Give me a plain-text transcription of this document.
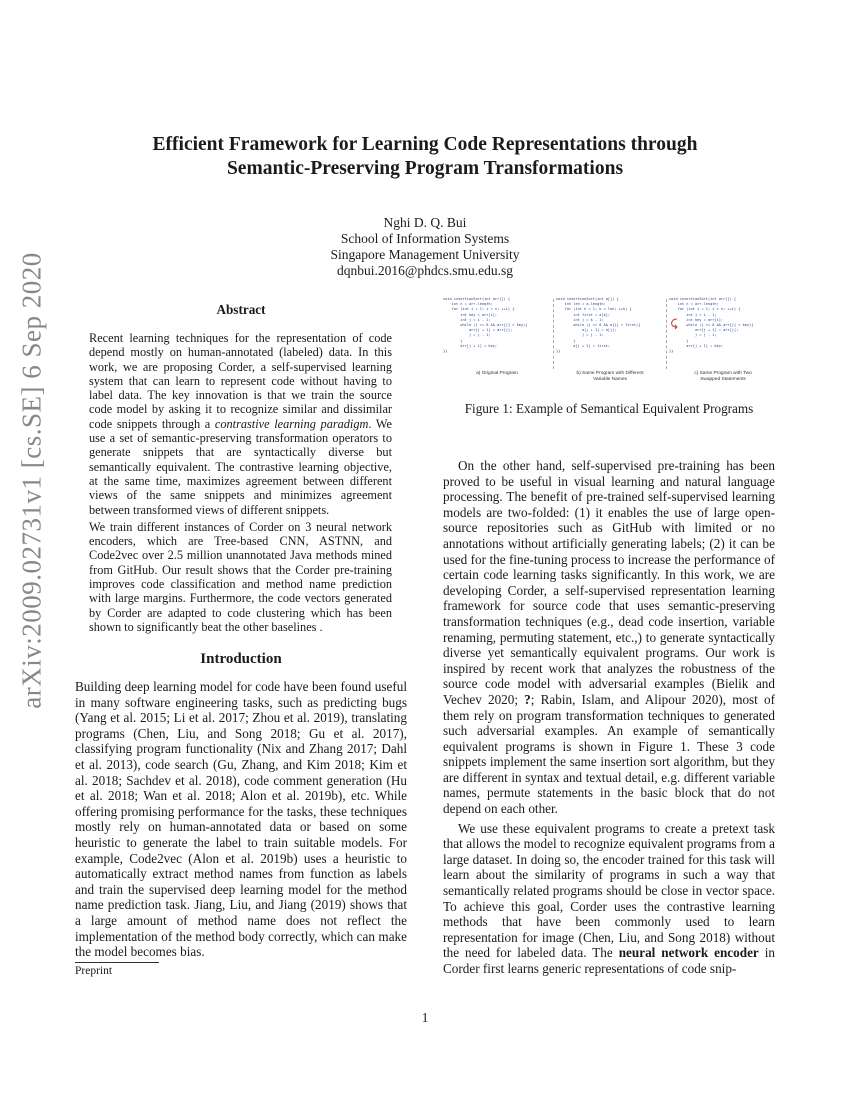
arXiv:2009.02731v1 [cs.SE] 6 Sep 2020
Efficient Framework for Learning Code Representations through
Semantic-Preserving Program Transformations
Nghi D. Q. Bui
School of Information Systems
Singapore Management University
dqnbui.2016@phdcs.smu.edu.sg
Abstract

Recent learning techniques for the representation of code depend mostly on human-annotated (labeled) data. In this work, we are proposing Corder, a self-supervised learning system that can learn to represent code without having to label data. The key innovation is that we train the source code model by asking it to recognize similar and dissimilar code snippets through a contrastive learning paradigm. We use a set of semantic-preserving transformation operators to generate snippets that are syntactically diverse but semantically equivalent. The contrastive learning objective, at the same time, maximizes agreement between different views of the same snippets and minimizes agreement between transformed views of different snippets.

We train different instances of Corder on 3 neural network encoders, which are Tree-based CNN, ASTNN, and Code2vec over 2.5 million unannotated Java methods mined from GitHub. Our result shows that the Corder pre-training improves code classification and method name prediction with large margins. Furthermore, the code vectors generated by Corder are adapted to code clustering which has been shown to significantly beat the other baselines .

Introduction

Building deep learning model for code have been found useful in many software engineering tasks, such as predicting bugs (Yang et al. 2015; Li et al. 2017; Zhou et al. 2019), translating programs (Chen, Liu, and Song 2018; Gu et al. 2017), classifying program functionality (Nix and Zhang 2017; Dahl et al. 2013), code search (Gu, Zhang, and Kim 2018; Kim et al. 2018; Sachdev et al. 2018), code comment generation (Hu et al. 2018; Wan et al. 2018; Alon et al. 2019b), etc. While offering promising performance for the tasks, these techniques mostly rely on human-annotated data or based on some heuristic to generate the label to train suitable models. For example, Code2vec (Alon et al. 2019b) uses a heuristic to automatically extract method names from function as labels and train the supervised deep learning model for the method name prediction task. Jiang, Liu, and Jiang (2019) shows that a large amount of method name does not reflect the implementation of the method body correctly, which can make the model becomes bias.

Preprint
void insertionSort(int arr[]) {
int n = arr.length;
for (int i = 1; i < n; ++i) {
int key = arr[i];
int j = i - 1;
while (j >= 0 && arr[j] > key){
arr[j + 1] = arr[j];
j = j - 1;
}
arr[j + 1] = key;
}}
a) Original Program
void insertionSort(int a[]) {
int len = a.length;
for (int k = 1; k < len; ++k) {
int first = a[k];
int j = k - 1;
while (j >= 0 && a[j] > first){
a[j + 1] = a[j];
j = j - 1;
}
a[j + 1] = first;
}}
b) Same Program with Different
Variable Names
void insertionSort(int arr[]) {
int n = arr.length;
for (int i = 1; i < n; ++i) {
int j = i - 1;
int key = arr[i];
while (j >= 0 && arr[j] > key){
arr[j + 1] = arr[j];
j = j - 1;
}
arr[j + 1] = key;
}}
c) Same Program with Two
Swapped Statements
Figure 1: Example of Semantical Equivalent Programs

On the other hand, self-supervised pre-training has been proved to be useful in visual learning and natural language processing. The benefit of pre-trained self-supervised learning models are two-folded: (1) it enables the use of large open-source repositories such as GitHub with limited or no annotations without artificially generating labels; (2) it can be used for the fine-tuning process to increase the performance of certain code learning tasks significantly. In this work, we are developing Corder, a self-supervised representation learning framework for source code that uses semantic-preserving transformation techniques (e.g., dead code insertion, variable renaming, permuting statement, etc.,) to generate syntactically diverse yet semantically equivalent programs. Our work is inspired by recent work that analyzes the robustness of the source code model with adversarial examples (Bielik and Vechev 2020; ?; Rabin, Islam, and Alipour 2020), most of them rely on program transformation techniques to generated such adversarial examples. An example of semantically equivalent programs is shown in Figure 1. These 3 code snippets implement the same insertion sort algorithm, but they are different in syntax and textual detail, e.g. different variable names, permute statements in the basic block that do not depend on each other.

We use these equivalent programs to create a pretext task that allows the model to recognize equivalent programs from a large dataset. In doing so, the encoder trained for this task will learn about the similarity of programs in such a way that semantically related programs should be close in vector space. To achieve this goal, Corder uses the contrastive learning methods that have been commonly used to learn representation for image (Chen, Liu, and Song 2018) without the need for labeled data. The neural network encoder in Corder first learns generic representations of code snip-

1
